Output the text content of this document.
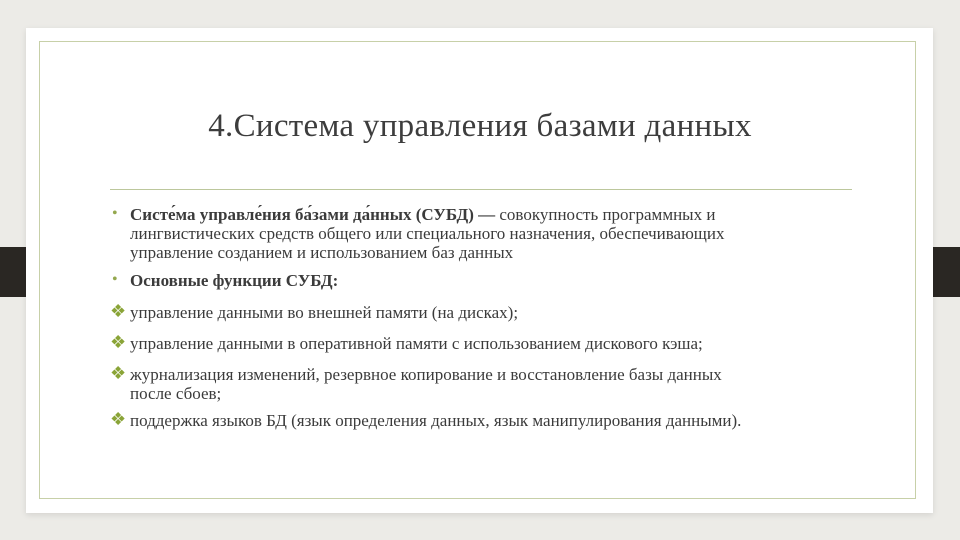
4.Система управления базами данных
• Систе́ма управле́ния ба́зами да́нных (СУБД) — совокупность программных и
лингвистических средств общего или специального назначения, обеспечивающих
управление созданием и использованием баз данных
• Основные функции СУБД:
❖ управление данными во внешней памяти (на дисках);
❖ управление данными в оперативной памяти с использованием дискового кэша;
❖ журнализация изменений, резервное копирование и восстановление базы данных
после сбоев;
❖ поддержка языков БД (язык определения данных, язык манипулирования данными).
